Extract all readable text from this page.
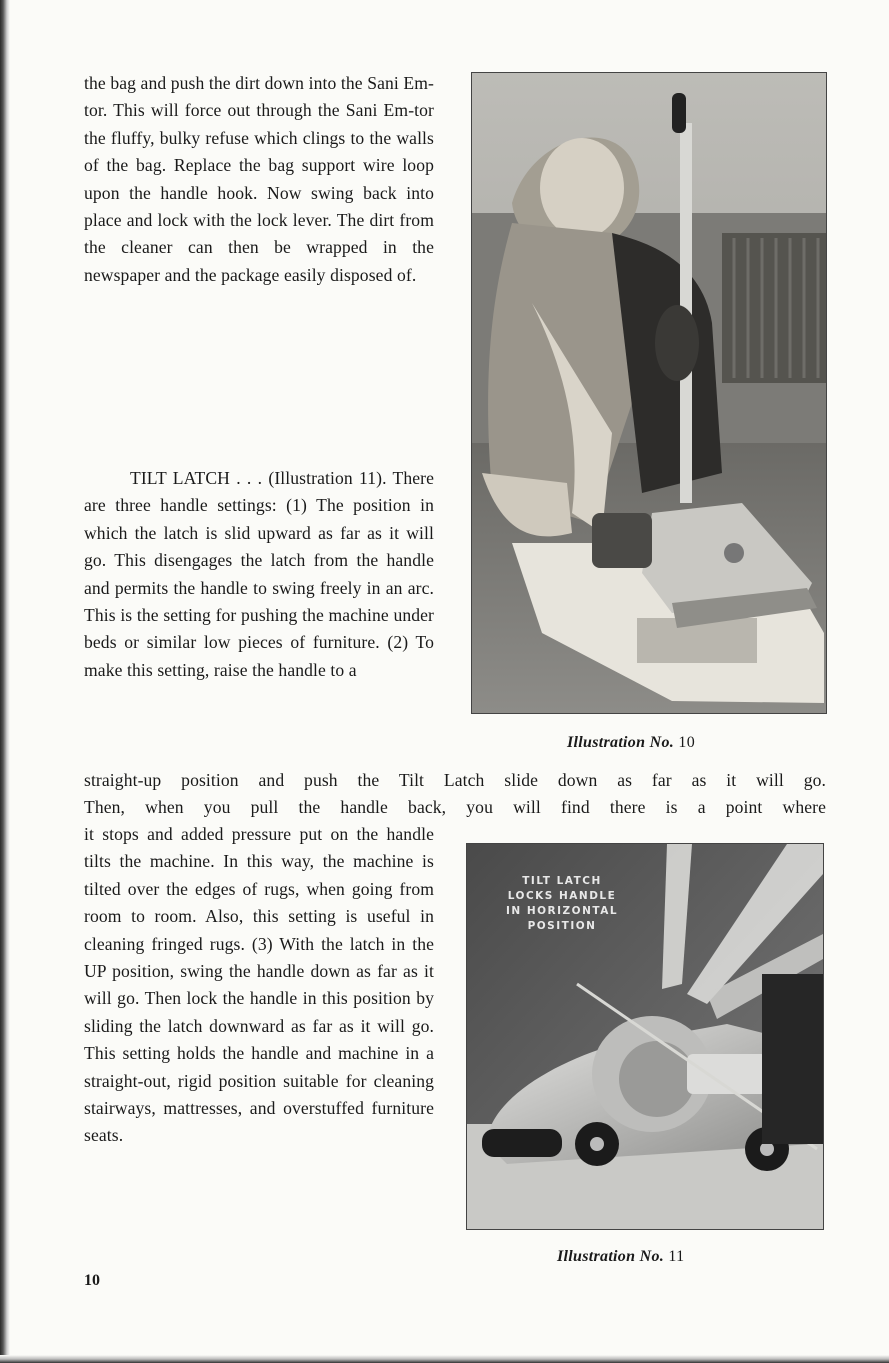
the bag and push the dirt down into the Sani Em-tor. This will force out through the Sani Em-tor the fluffy, bulky refuse which clings to the walls of the bag. Replace the bag support wire loop upon the handle hook. Now swing back into place and lock with the lock lever. The dirt from the cleaner can then be wrapped in the newspaper and the package easily disposed of.

TILT LATCH . . . (Illustration 11). There are three handle settings: (1) The position in which the latch is slid upward as far as it will go. This disengages the latch from the handle and permits the handle to swing freely in an arc. This is the setting for pushing the machine under beds or similar low pieces of furniture. (2) To make this setting, raise the handle to a

straight-up position and push the Tilt Latch slide down as far as it will go.
Then, when you pull the handle back, you will find there is a point where

it stops and added pressure put on the handle tilts the machine. In this way, the machine is tilted over the edges of rugs, when going from room to room. Also, this setting is useful in cleaning fringed rugs. (3) With the latch in the UP position, swing the handle down as far as it will go. Then lock the handle in this position by sliding the latch downward as far as it will go. This setting holds the handle and machine in a straight-out, rigid position suitable for cleaning stairways, mattresses, and overstuffed furniture seats.

Illustration No. 10
TILT LATCH
LOCKS HANDLE
IN HORIZONTAL
POSITION
Illustration No. 11
10
